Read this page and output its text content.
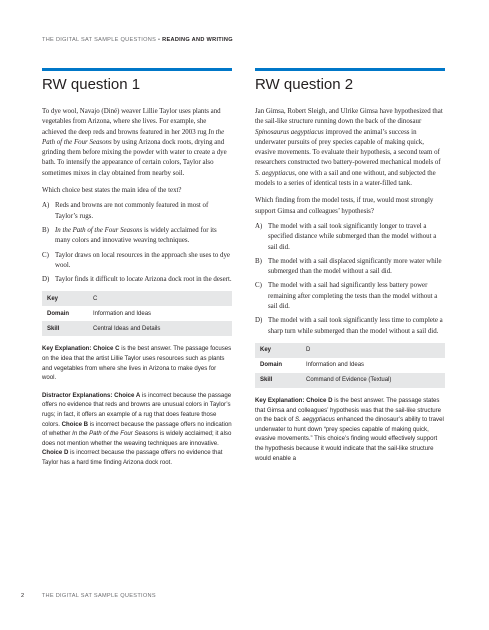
THE DIGITAL SAT SAMPLE QUESTIONS • READING AND WRITING
RW question 1

To dye wool, Navajo (Diné) weaver Lillie Taylor uses plants and vegetables from Arizona, where she lives. For example, she achieved the deep reds and browns featured in her 2003 rug In the Path of the Four Seasons by using Arizona dock roots, drying and grinding them before mixing the powder with water to create a dye bath. To intensify the appearance of certain colors, Taylor also sometimes mixes in clay obtained from nearby soil.

Which choice best states the main idea of the text?

A) Reds and browns are not commonly featured in most of Taylor’s rugs.
B) In the Path of the Four Seasons is widely acclaimed for its many colors and innovative weaving techniques.
C) Taylor draws on local resources in the approach she uses to dye wool.
D) Taylor finds it difficult to locate Arizona dock root in the desert.
Key	C
Domain	Information and Ideas
Skill	Central Ideas and Details

Key Explanation: Choice C is the best answer. The passage focuses on the idea that the artist Lillie Taylor uses resources such as plants and vegetables from where she lives in Arizona to make dyes for wool.

Distractor Explanations: Choice A is incorrect because the passage offers no evidence that reds and browns are unusual colors in Taylor’s rugs; in fact, it offers an example of a rug that does feature those colors. Choice B is incorrect because the passage offers no indication of whether In the Path of the Four Seasons is widely acclaimed; it also does not mention whether the weaving techniques are innovative. Choice D is incorrect because the passage offers no evidence that Taylor has a hard time finding Arizona dock root.

RW question 2

Jan Gimsa, Robert Sleigh, and Ulrike Gimsa have hypothesized that the sail-like structure running down the back of the dinosaur Spinosaurus aegyptiacus improved the animal’s success in underwater pursuits of prey species capable of making quick, evasive movements. To evaluate their hypothesis, a second team of researchers constructed two battery-powered mechanical models of S. aegyptiacus, one with a sail and one without, and subjected the models to a series of identical tests in a water-filled tank.

Which finding from the model tests, if true, would most strongly support Gimsa and colleagues’ hypothesis?

A) The model with a sail took significantly longer to travel a specified distance while submerged than the model without a sail did.
B) The model with a sail displaced significantly more water while submerged than the model without a sail did.
C) The model with a sail had significantly less battery power remaining after completing the tests than the model without a sail did.
D) The model with a sail took significantly less time to complete a sharp turn while submerged than the model without a sail did.
Key	D
Domain	Information and Ideas
Skill	Command of Evidence (Textual)

Key Explanation: Choice D is the best answer. The passage states that Gimsa and colleagues’ hypothesis was that the sail-like structure on the back of S. aegyptiacus enhanced the dinosaur’s ability to travel underwater to hunt down “prey species capable of making quick, evasive movements.” This choice’s finding would effectively support the hypothesis because it would indicate that the sail-like structure would enable a

2	THE DIGITAL SAT SAMPLE QUESTIONS
